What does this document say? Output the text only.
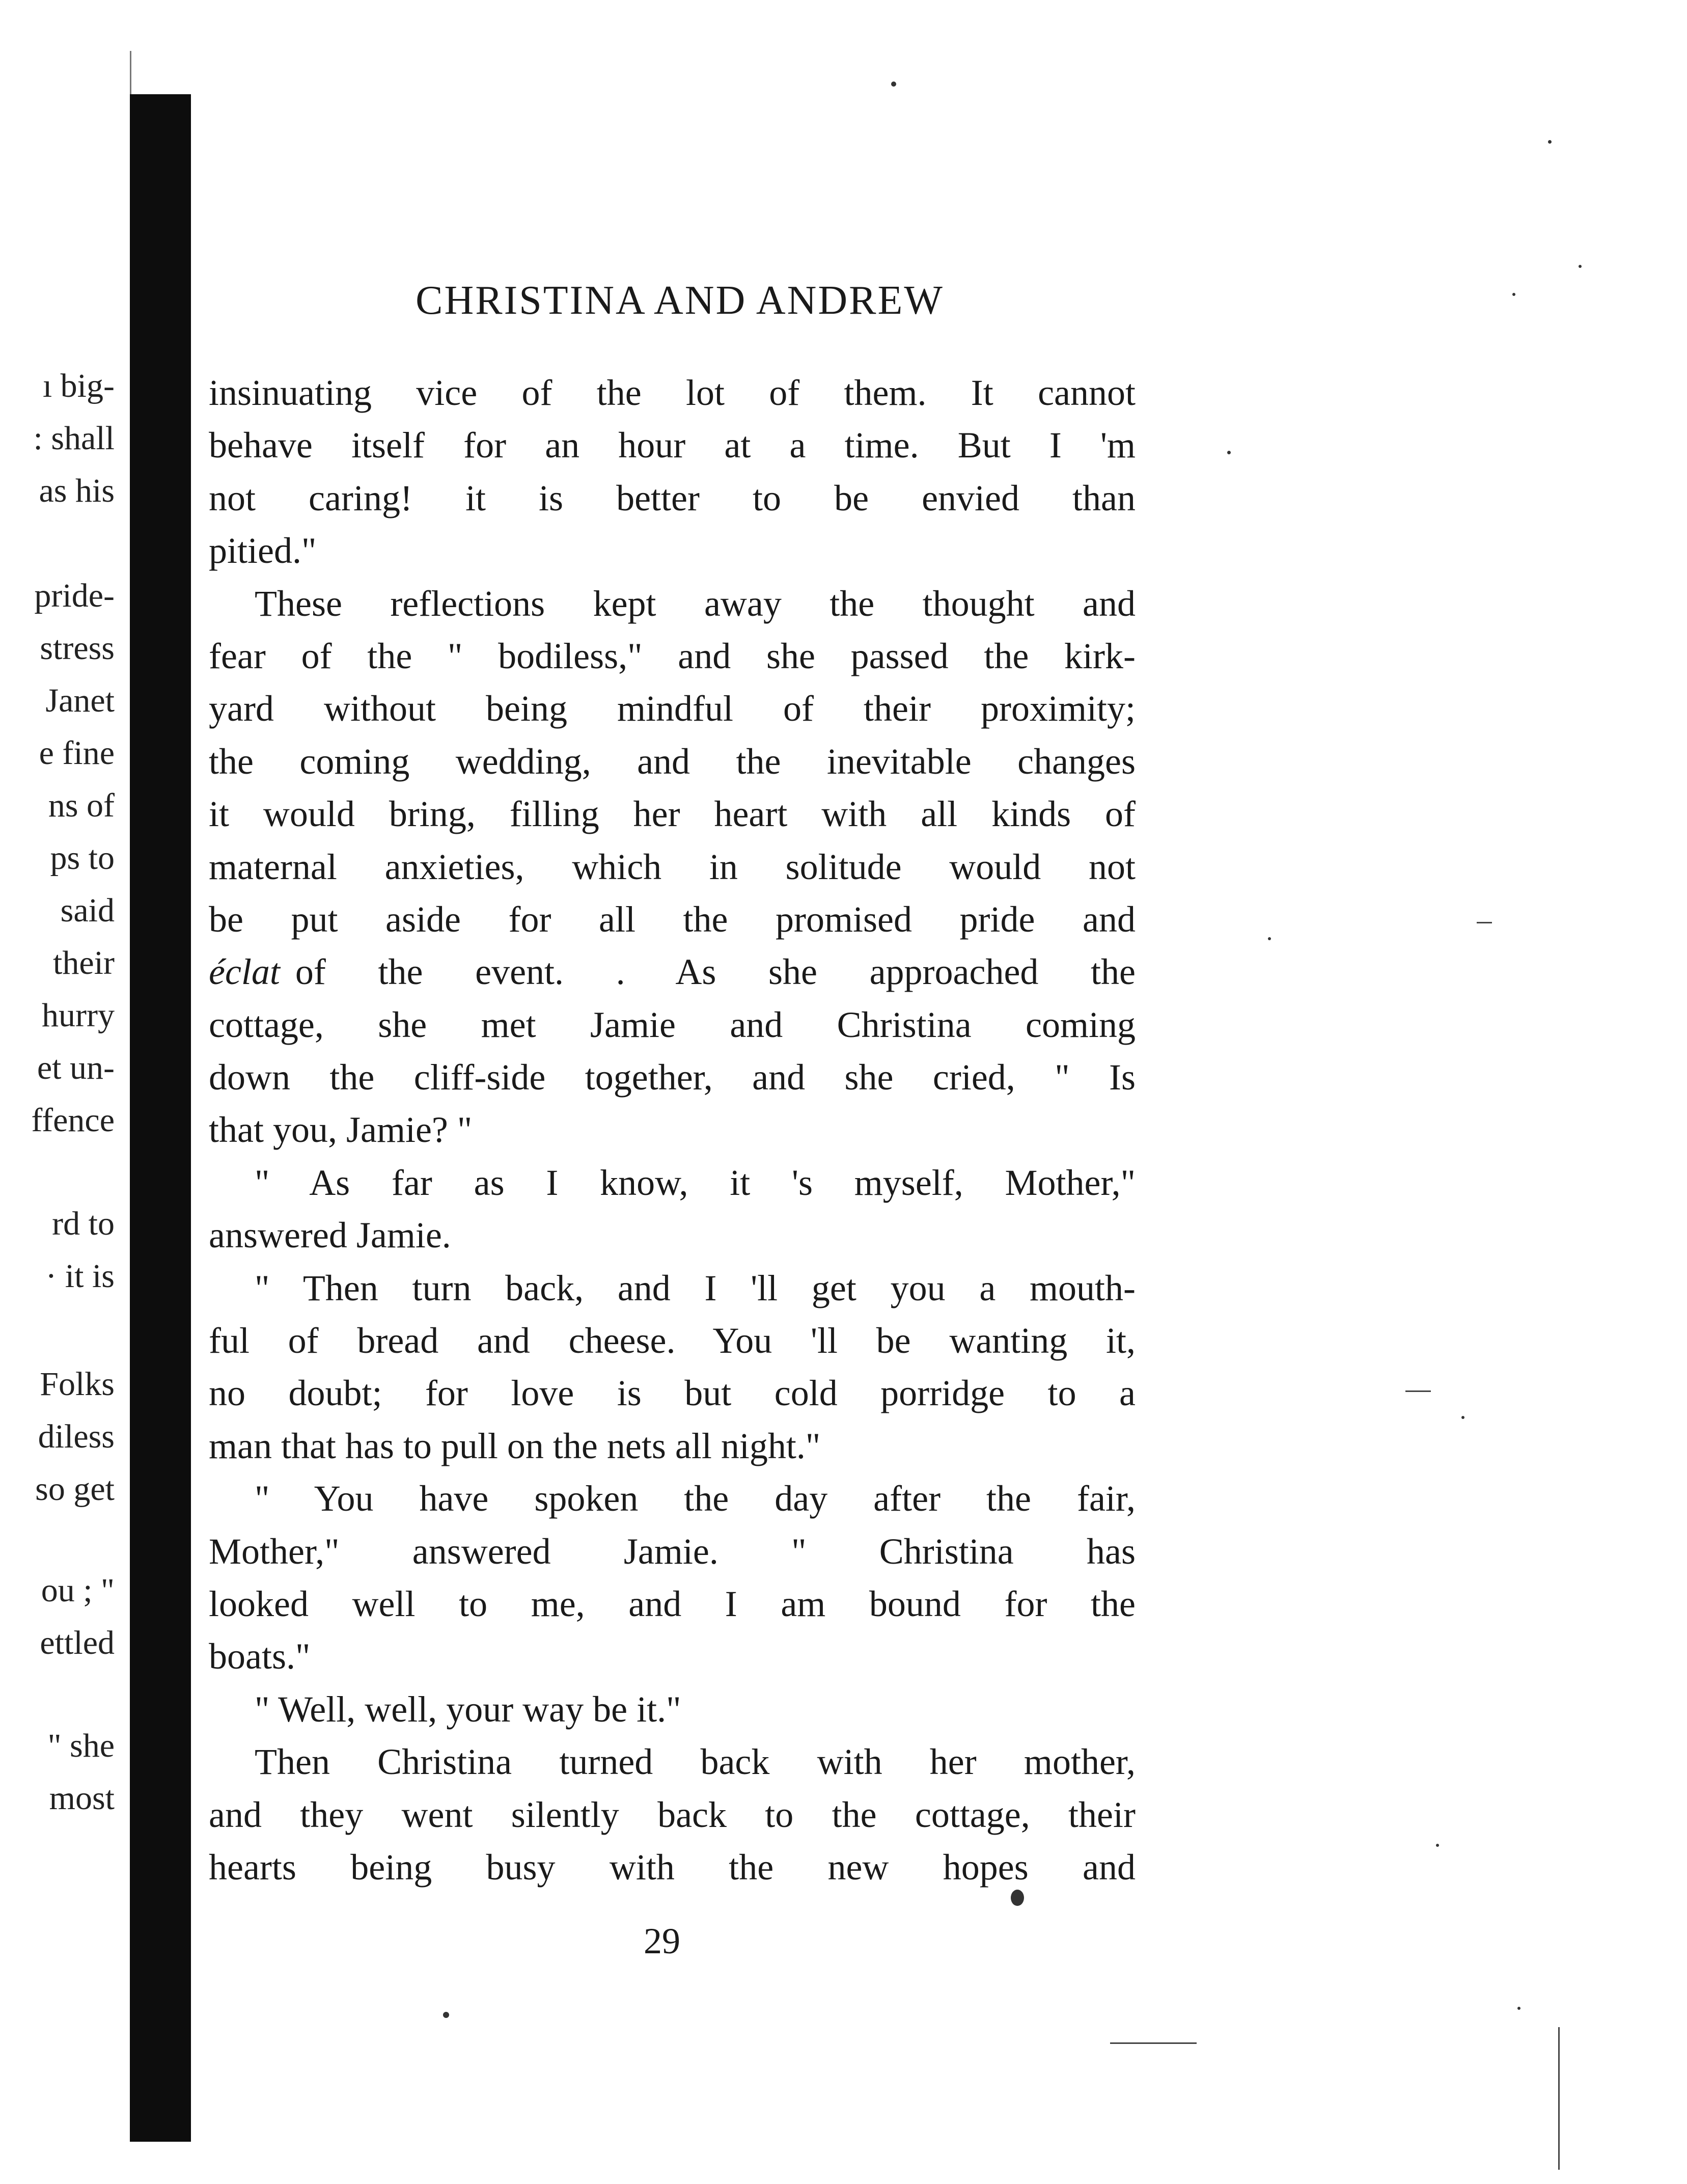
ı big-
: shall
as his
pride-
stress
Janet
e fine
ns of
ps to
said
their
hurry
et un-
ffence
rd to
· it is
Folks
diless
so get
ou ; "
ettled
" she
most
CHRISTINA AND ANDREW
insinuating vice of the lot of them. It cannot
behave itself for an hour at a time. But I 'm
not caring! it is better to be envied than
pitied."
These reflections kept away the thought and
fear of the " bodiless," and she passed the kirk-
yard without being mindful of their proximity;
the coming wedding, and the inevitable changes
it would bring, filling her heart with all kinds of
maternal anxieties, which in solitude would not
be put aside for all the promised pride and
éclat of the event. . As she approached the
cottage, she met Jamie and Christina coming
down the cliff-side together, and she cried, " Is
that you, Jamie? "
" As far as I know, it 's myself, Mother,"
answered Jamie.
" Then turn back, and I 'll get you a mouth-
ful of bread and cheese. You 'll be wanting it,
no doubt; for love is but cold porridge to a
man that has to pull on the nets all night."
" You have spoken the day after the fair,
Mother," answered Jamie. " Christina has
looked well to me, and I am bound for the
boats."
" Well, well, your way be it."
Then Christina turned back with her mother,
and they went silently back to the cottage, their
hearts being busy with the new hopes and
29
